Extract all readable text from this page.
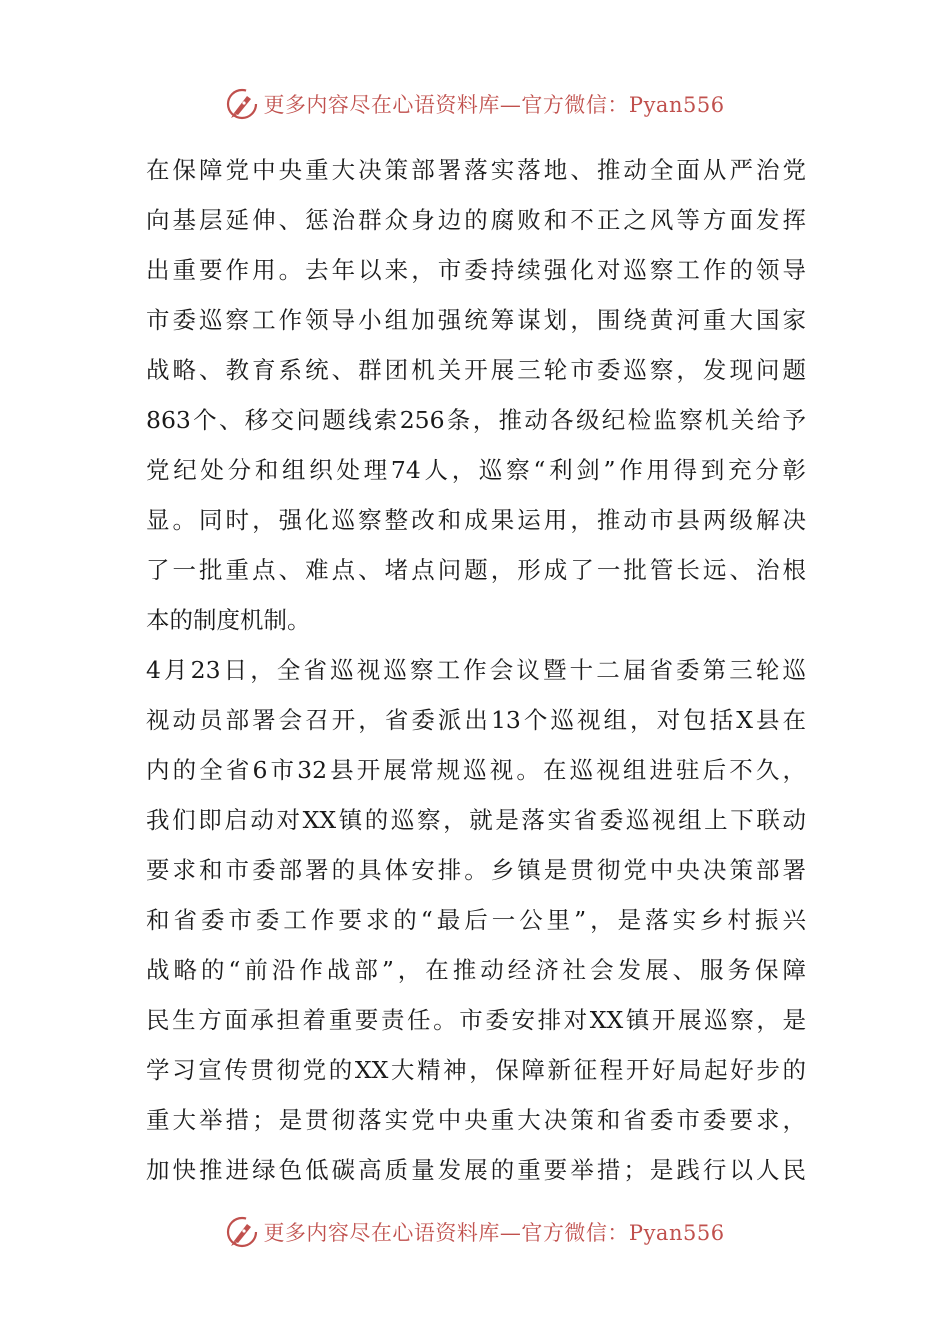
更多内容尽在心语资料库—官方微信：Pyan556
在保障党中央重大决策部署落实落地、推动全面从严治党
向基层延伸、惩治群众身边的腐败和不正之风等方面发挥
出重要作用。去年以来，市委持续强化对巡察工作的领导
市委巡察工作领导小组加强统筹谋划，围绕黄河重大国家
战略、教育系统、群团机关开展三轮市委巡察，发现问题
863个、移交问题线索256条，推动各级纪检监察机关给予
党纪处分和组织处理74人，巡察“利剑”作用得到充分彰
显。同时，强化巡察整改和成果运用，推动市县两级解决
了一批重点、难点、堵点问题，形成了一批管长远、治根
本的制度机制。
4月23日，全省巡视巡察工作会议暨十二届省委第三轮巡
视动员部署会召开，省委派出13个巡视组，对包括X县在
内的全省6市32县开展常规巡视。在巡视组进驻后不久，
我们即启动对XX镇的巡察，就是落实省委巡视组上下联动
要求和市委部署的具体安排。乡镇是贯彻党中央决策部署
和省委市委工作要求的“最后一公里”，是落实乡村振兴
战略的“前沿作战部”，在推动经济社会发展、服务保障
民生方面承担着重要责任。市委安排对XX镇开展巡察，是
学习宣传贯彻党的XX大精神，保障新征程开好局起好步的
重大举措；是贯彻落实党中央重大决策和省委市委要求，
加快推进绿色低碳高质量发展的重要举措；是践行以人民
更多内容尽在心语资料库—官方微信：Pyan556
